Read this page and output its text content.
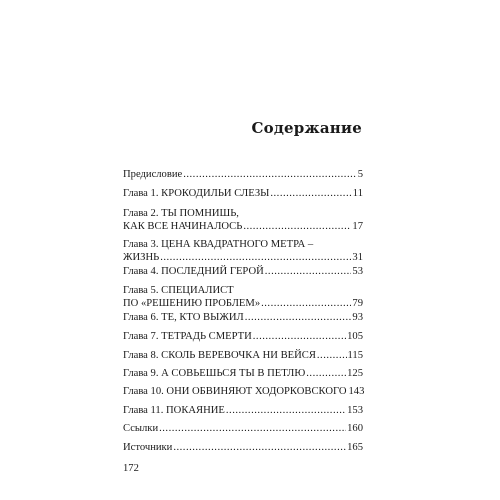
Содержание
Предисловие .....	5
Глава 1. КРОКОДИЛЬИ СЛЕЗЫ .....	11
Глава 2. ТЫ ПОМНИШЬ,
КАК ВСЕ НАЧИНАЛОСЬ .....	17
Глава 3. ЦЕНА КВАДРАТНОГО МЕТРА –
ЖИЗНЬ .....	31
Глава 4. ПОСЛЕДНИЙ ГЕРОЙ .....	53
Глава 5. СПЕЦИАЛИСТ
ПО «РЕШЕНИЮ ПРОБЛЕМ» .....	79
Глава 6. ТЕ, КТО ВЫЖИЛ .....	93
Глава 7. ТЕТРАДЬ СМЕРТИ .....	105
Глава 8. СКОЛЬ ВЕРЕВОЧКА НИ ВЕЙСЯ .....	115
Глава 9. А СОВЬЕШЬСЯ ТЫ В ПЕТЛЮ .....	125
Глава 10. ОНИ ОБВИНЯЮТ ХОДОРКОВСКОГО 143
Глава 11. ПОКАЯНИЕ .....	153
Ссылки .....	160
Источники .....	165

172
